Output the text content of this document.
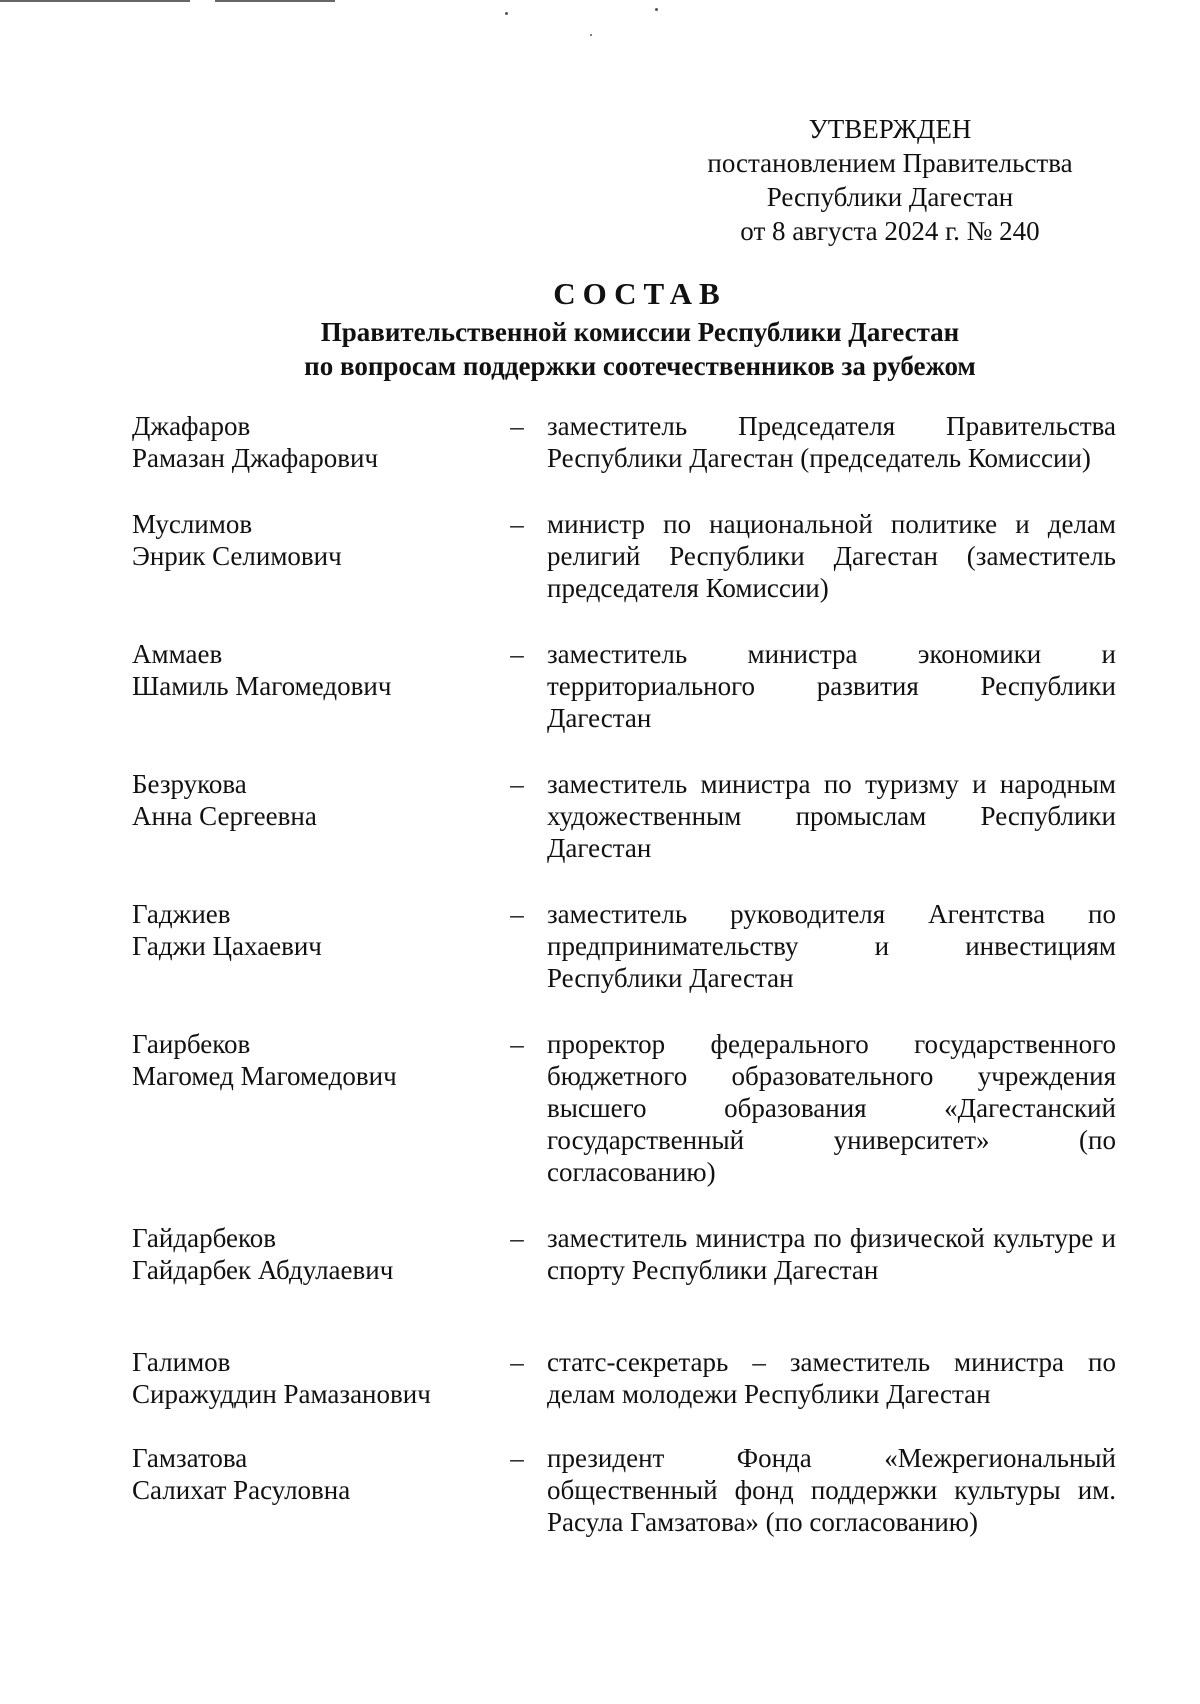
УТВЕРЖДЕН
постановлением Правительства
Республики Дагестан
от 8 августа 2024 г. № 240
СОСТАВ
Правительственной комиссии Республики Дагестан
по вопросам поддержки соотечественников за рубежом
Джафаров
Рамазан Джафарович
– заместитель Председателя Правительства Республики Дагестан (председатель Комиссии)
Муслимов
Энрик Селимович
– министр по национальной политике и делам религий Республики Дагестан (заместитель председателя Комиссии)
Аммаев
Шамиль Магомедович
– заместитель министра экономики и территориального развития Республики Дагестан
Безрукова
Анна Сергеевна
– заместитель министра по туризму и народным художественным промыслам Республики Дагестан
Гаджиев
Гаджи Цахаевич
– заместитель руководителя Агентства по предпринимательству и инвестициям Республики Дагестан
Гаирбеков
Магомед Магомедович
– проректор федерального государственного бюджетного образовательного учреждения высшего образования «Дагестанский государственный университет» (по согласованию)
Гайдарбеков
Гайдарбек Абдулаевич
– заместитель министра по физической культуре и спорту Республики Дагестан
Галимов
Сиражуддин Рамазанович
– статс-секретарь – заместитель министра по делам молодежи Республики Дагестан
Гамзатова
Салихат Расуловна
– президент Фонда «Межрегиональный общественный фонд поддержки культуры им. Расула Гамзатова» (по согласованию)
